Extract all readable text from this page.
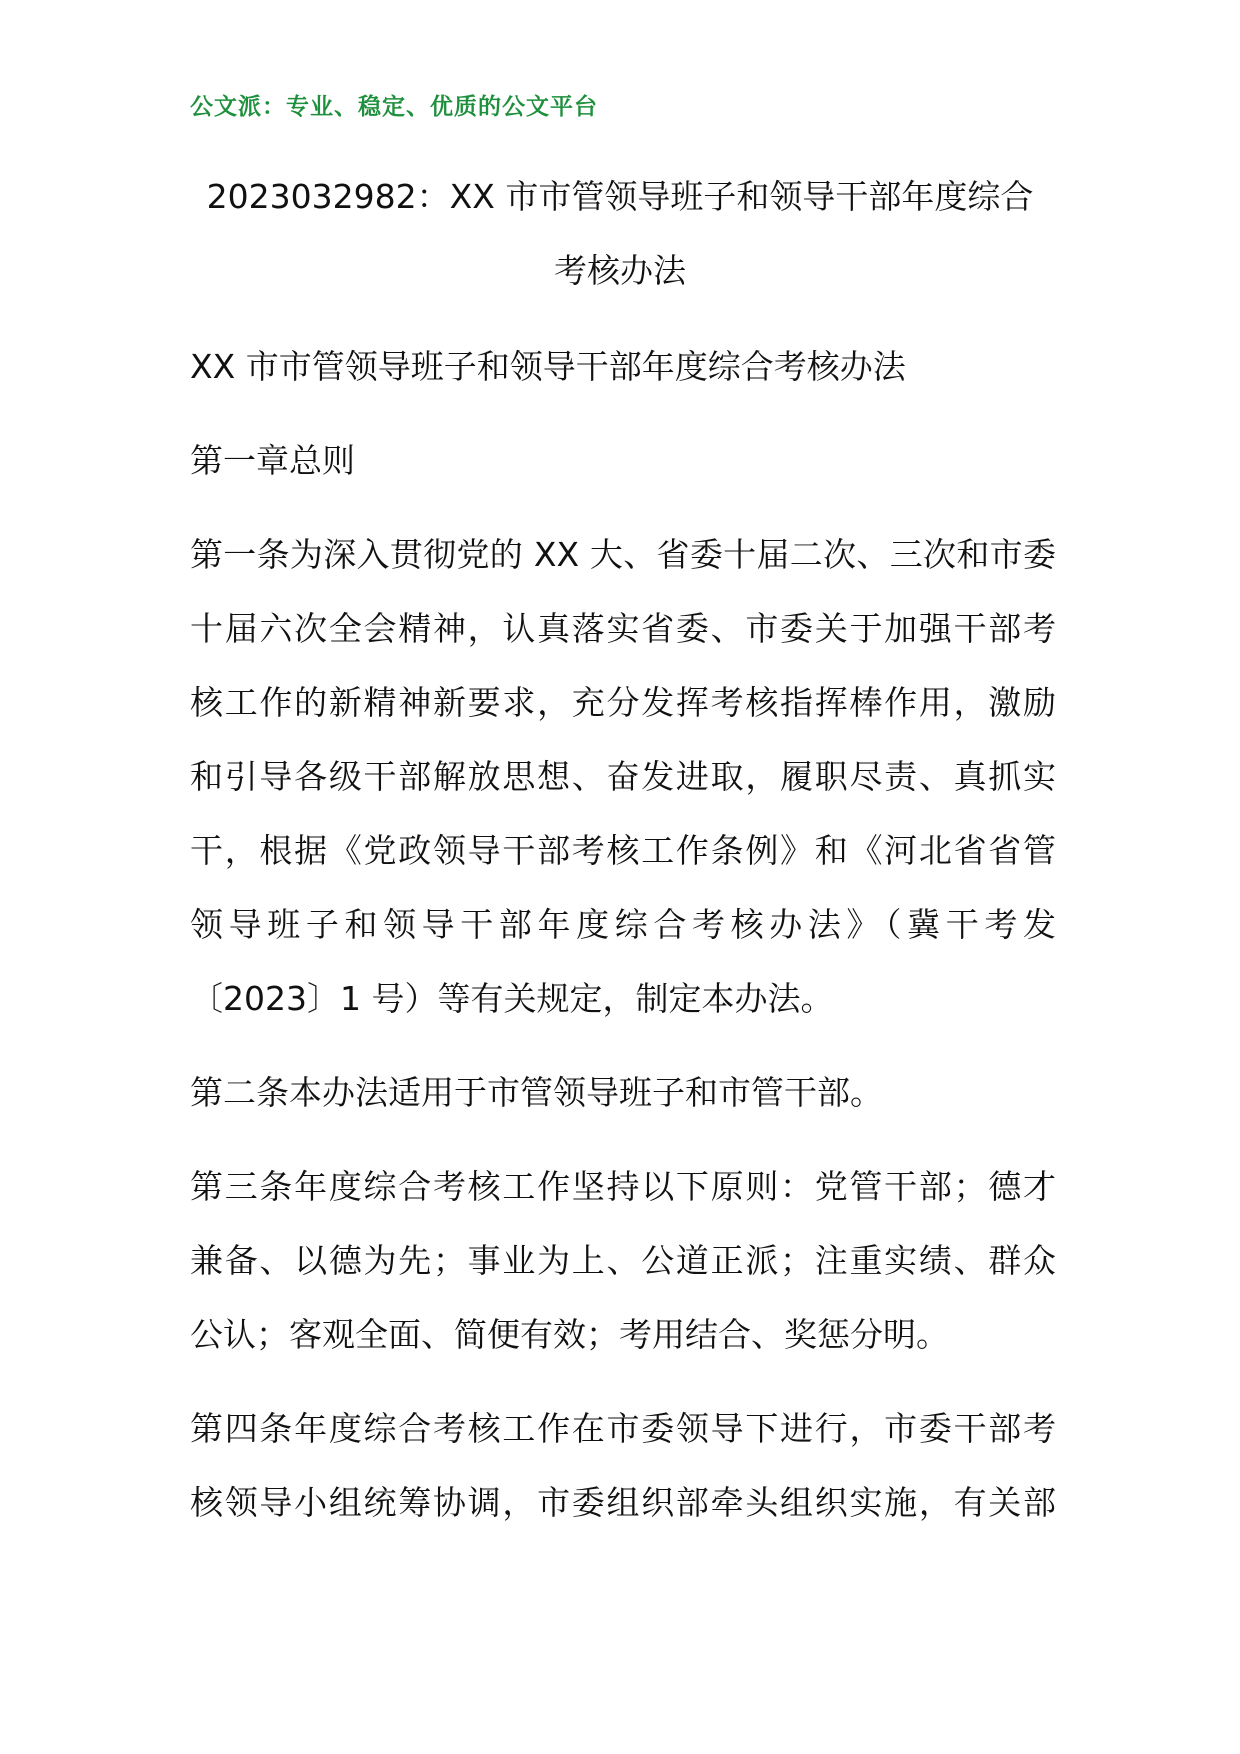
公文派：专业、稳定、优质的公文平台
2023032982：XX 市市管领导班子和领导干部年度综合
考核办法

XX 市市管领导班子和领导干部年度综合考核办法

第一章总则

第一条为深入贯彻党的 XX 大、省委十届二次、三次和市委
十届六次全会精神，认真落实省委、市委关于加强干部考
核工作的新精神新要求，充分发挥考核指挥棒作用，激励
和引导各级干部解放思想、奋发进取，履职尽责、真抓实
干，根据《党政领导干部考核工作条例》和《河北省省管
领导班子和领导干部年度综合考核办法》（冀干考发
〔2023〕1 号）等有关规定，制定本办法。

第二条本办法适用于市管领导班子和市管干部。

第三条年度综合考核工作坚持以下原则：党管干部；德才
兼备、以德为先；事业为上、公道正派；注重实绩、群众
公认；客观全面、简便有效；考用结合、奖惩分明。
第四条年度综合考核工作在市委领导下进行，市委干部考
核领导小组统筹协调，市委组织部牵头组织实施，有关部
